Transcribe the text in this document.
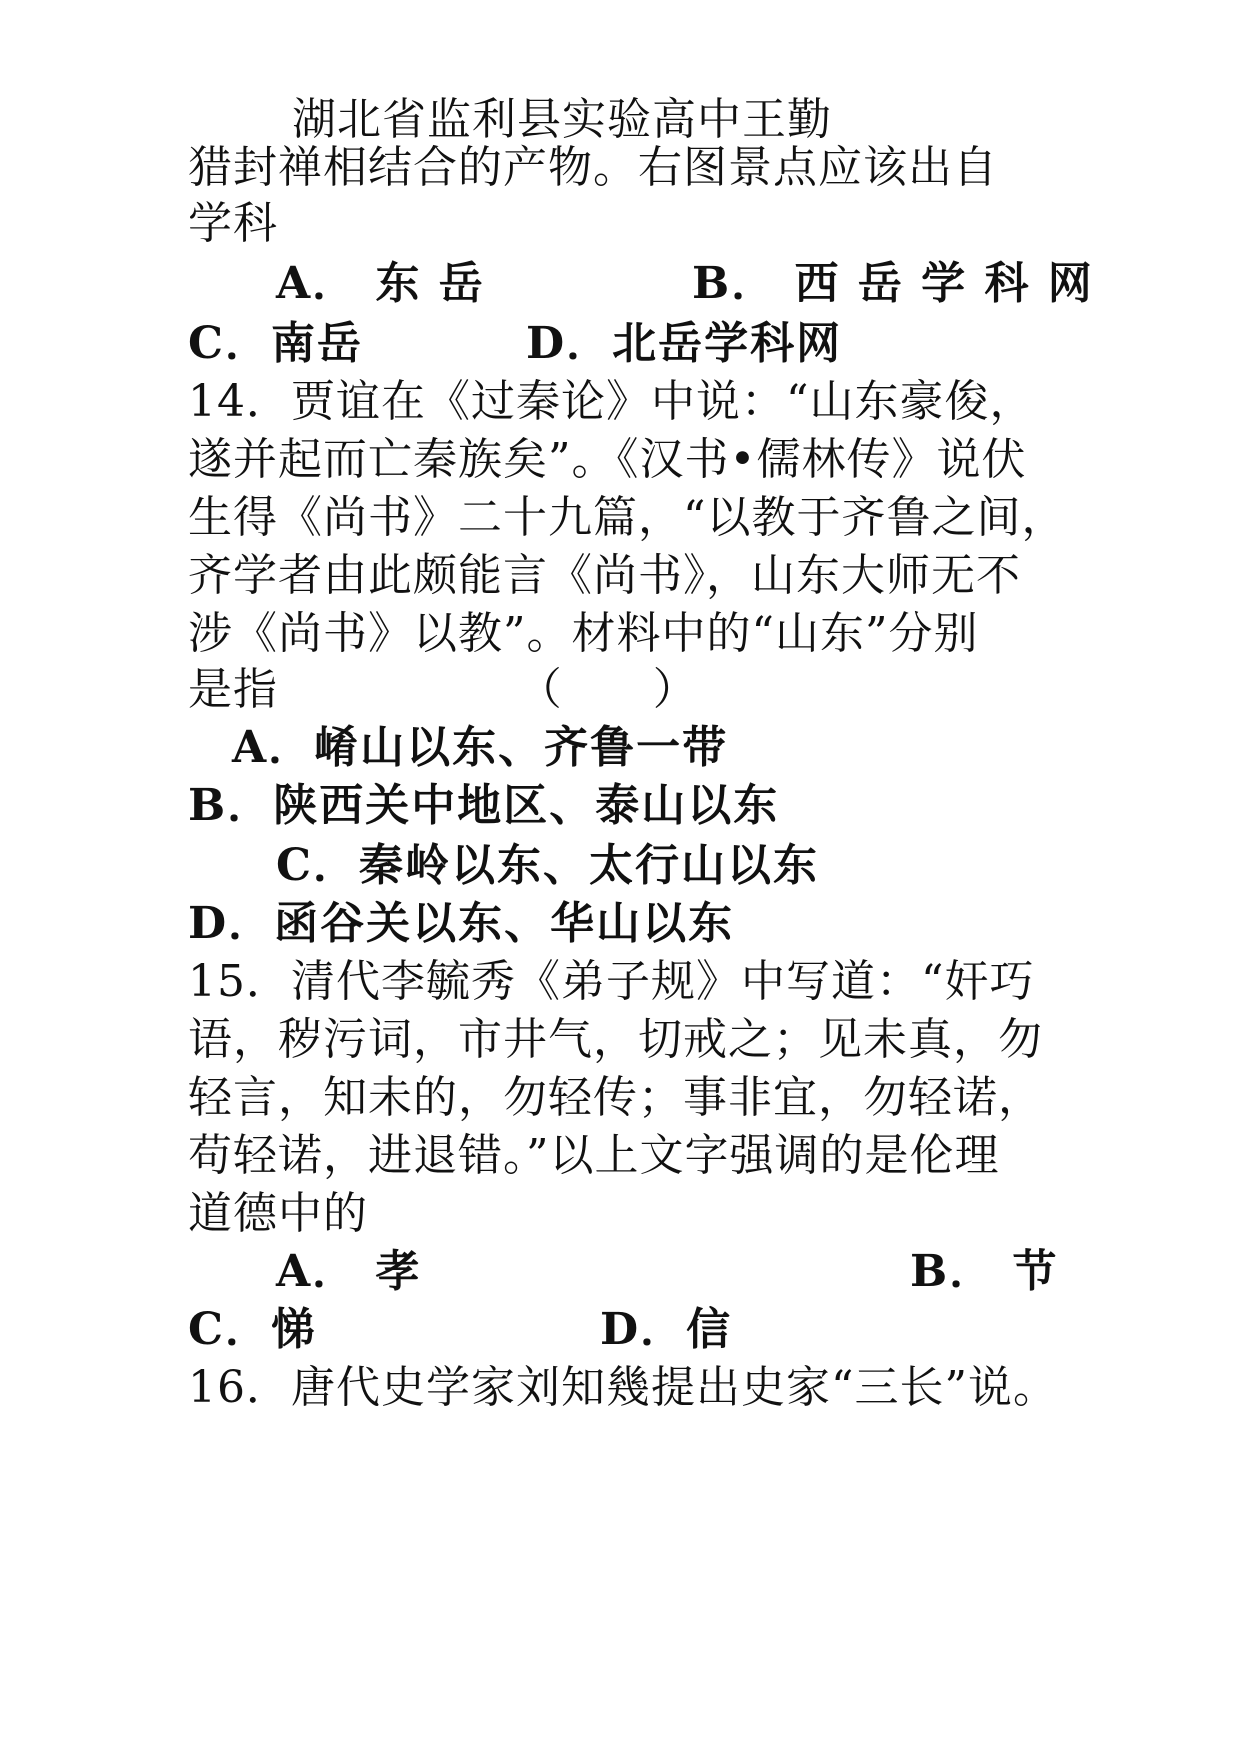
湖北省监利县实验高中王勤
猎封禅相结合的产物。右图景点应该出自
学科
A． 东 岳	B． 西 岳 学 科 网
C．南岳	D．北岳学科网
14．贾谊在《过秦论》中说：“山东豪俊，
遂并起而亡秦族矣”。《汉书•儒林传》说伏
生得《尚书》二十九篇，“以教于齐鲁之间，
齐学者由此颇能言《尚书》，山东大师无不
涉《尚书》以教”。材料中的“山东”分别
是指                （      ）
A．崤山以东、齐鲁一带
B．陕西关中地区、泰山以东
C．秦岭以东、太行山以东
D．函谷关以东、华山以东
15．清代李毓秀《弟子规》中写道：“奸巧
语，秽污词，市井气，切戒之；见未真，勿
轻言，知未的，勿轻传；事非宜，勿轻诺，
苟轻诺，进退错。”以上文字强调的是伦理
道德中的
A． 孝	B． 节
C．悌	D．信
16．唐代史学家刘知幾提出史家“三长”说。
